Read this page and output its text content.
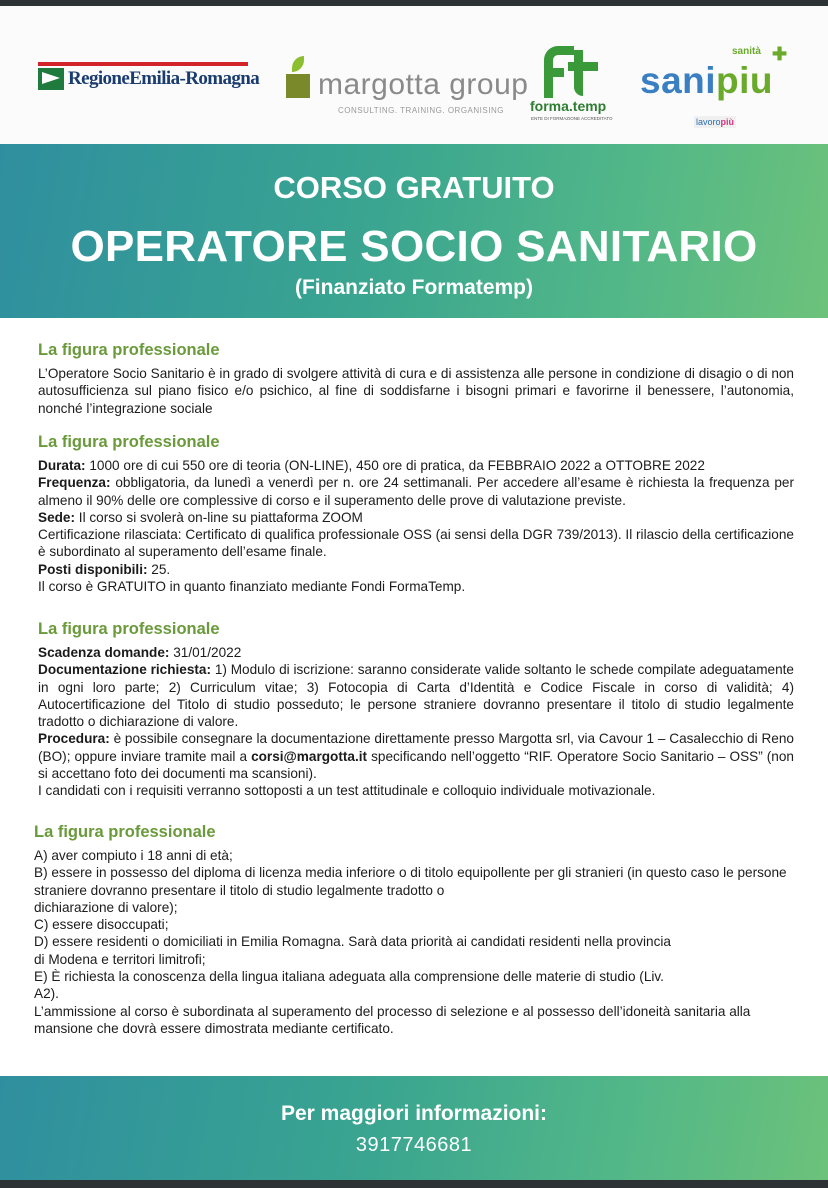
RegioneEmilia-Romagna margotta group
CONSULTING. TRAINING. ORGANISING forma.temp
ENTE DI FORMAZIONE ACCREDITATO
sanità ✚
sanipiu
lavoropiù
CORSO GRATUITO
OPERATORE SOCIO SANITARIO
(Finanziato Formatemp)
La figura professionale

L’Operatore Socio Sanitario è in grado di svolgere attività di cura e di assistenza alle persone in condizione di disagio o di non autosufficienza sul piano fisico e/o psichico, al fine di soddisfarne i bisogni primari e favorirne il benessere, l’autonomia, nonché l’integrazione sociale

La figura professionale

Durata: 1000 ore di cui 550 ore di teoria (ON-LINE), 450 ore di pratica, da FEBBRAIO 2022 a OTTOBRE 2022

Frequenza: obbligatoria, da lunedì a venerdì per n. ore 24 settimanali. Per accedere all’esame è richiesta la frequenza per almeno il 90% delle ore complessive di corso e il superamento delle prove di valutazione previste.

Sede: Il corso si svolerà on-line su piattaforma ZOOM

Certificazione rilasciata: Certificato di qualifica professionale OSS (ai sensi della DGR 739/2013). Il rilascio della certificazione è subordinato al superamento dell’esame finale.

Posti disponibili: 25.

Il corso è GRATUITO in quanto finanziato mediante Fondi FormaTemp.

La figura professionale

Scadenza domande: 31/01/2022

Documentazione richiesta: 1) Modulo di iscrizione: saranno considerate valide soltanto le schede compilate adeguatamente in ogni loro parte; 2) Curriculum vitae; 3) Fotocopia di Carta d’Identità e Codice Fiscale in corso di validità; 4) Autocertificazione del Titolo di studio posseduto; le persone straniere dovranno presentare il titolo di studio legalmente tradotto o dichiarazione di valore.

Procedura: è possibile consegnare la documentazione direttamente presso Margotta srl, via Cavour 1 – Casalecchio di Reno (BO); oppure inviare tramite mail a corsi@margotta.it specificando nell’oggetto “RIF. Operatore Socio Sanitario – OSS” (non si accettano foto dei documenti ma scansioni).

I candidati con i requisiti verranno sottoposti a un test attitudinale e colloquio individuale motivazionale.

La figura professionale

A) aver compiuto i 18 anni di età;

B) essere in possesso del diploma di licenza media inferiore o di titolo equipollente per gli stranieri (in questo caso le persone straniere dovranno presentare il titolo di studio legalmente tradotto o

dichiarazione di valore);

C) essere disoccupati;

D) essere residenti o domiciliati in Emilia Romagna. Sarà data priorità ai candidati residenti nella provincia

di Modena e territori limitrofi;

E) È richiesta la conoscenza della lingua italiana adeguata alla comprensione delle materie di studio (Liv.

A2).

L’ammissione al corso è subordinata al superamento del processo di selezione e al possesso dell’idoneità sanitaria alla mansione che dovrà essere dimostrata mediante certificato.

Per maggiori informazioni:
3917746681
